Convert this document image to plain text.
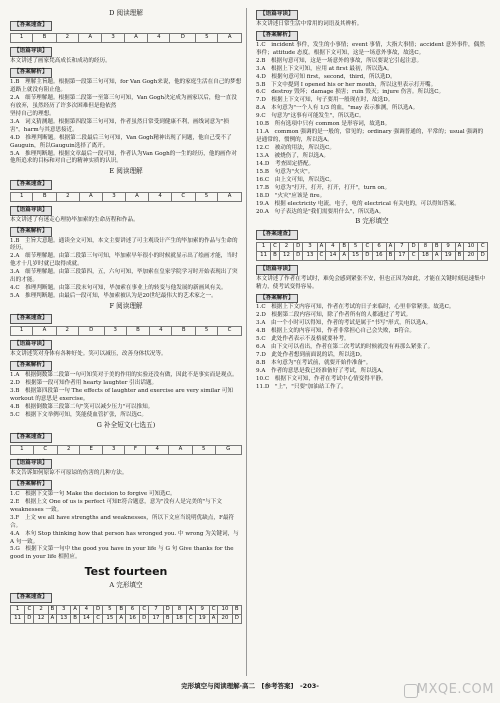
D 阅读理解
【答案速查】
1	B	2	A	3	A	4	D	5	A
【语篇导读】

本文讲述了画家梵高成长和成功的经历。

【答案解析】

1.B　理解主旨题。根据第一段第三句可知，for Van Gogh来说，他的家庭生活在自己的梦想道路上就没有阻止他。

2.A　细节理解题。根据第二段第一至第三句可知，Van Gogh决定成为画家以后，他一直没有放弃，虽然经历了许多次困难但是他依然

坚持自己的理想。

3.A　词义猜测题。根据第四段第三句可知，作者虽然日常受到健康不利，画线词意为"损害"，harm与其意思接近。

4.D　推理判断题。根据第二段最后三句可知，Van Gogh精神出现了问题，他自己受不了Gauguin，所以Gauguin选择了离开。

5.A　推理判断题。根据文章最后一段可知，作者认为Van Gogh的一生的经历，他的画作对他所追求的目标和对自己的精神实质的认识。

E 阅读理解
【答案速查】
1	B	2	A	3	A	4	C	5	A
【语篇导读】

本文讲述了有迷走心理协毕加索的生命历程和作品。

【答案解析】

1.B　主旨大意题。通读全文可知，本文主要讲述了可主观设计产生的毕加索的作品与生命的经历。

2.A　细节理解题。由第二段第三句可知，毕加索早年很小的时候就显示出了绘画才能，当时他才十几岁时就已取得成就。

3.A　细节理解题。由第三段第四，五，六句可知，毕加索在皇家学院学习时开始表现出了突出的才能。

4.C　推理判断题。由第三段末句可知，毕加索在事业上的转变与他发展的新画风有关。

5.A　推理判断题。由最后一段可知，毕加索被认为是20世纪最伟大的艺术家之一。

F 阅读理解
【答案速查】
1	A	2	D	3	B	4	B	5	C
【语篇导读】

本文讲述笑对身体有各种好处。笑可以减压，改善身体状况等。

【答案解析】

1.A　根据倒数第二段第一句可知笑对于美的作用的实验还没有做，因此不是事实而是观点。

2.D　根据第一段可知作者用 hearty laughter 引出话题。

3.B　根据第四段第一句 The effects of laughter and exercise are very similar 可知 workout 的意思是 exercise。

4.B　根据倒数第三段第二句"笑可以减少压力"可以推知。

5.C　根据下文举例可知，笑能使血管扩张，所以选C。

G 补全短文(七选五)
【答案速查】
1	C	2	E	3	F	4	A	5	G
【语篇导读】

本文告诉如何原谅不可原谅的伤害的几种方法。

【答案解析】

1.C　根据下文第一句 Make the decision to forgive 可知选C。

2.E　根据上文 One of us is perfect 可知E符合题意，意为"没有人是完美的"与下文 weaknesses 一致。

3.F　上文 we all have strengths and weaknesses，所以下文应当说明优缺点，F最符合。

4.A　本句 Stop thinking how that person has wronged you. 中 wrong 为关键词，与 A 句一致。

5.G　根据下文第一句中 the good you have in your life 与 G 句 Give thanks for the good in your life 相照应。

Test fourteen
A 完形填空
【答案速查】
1	C	2	B	3	A	4	D	5	B	6	C	7	D	8	A	9	C	10	B
11	D	12	A	13	B	14	C	15	A	16	D	17	B	18	C	19	A	20	D
【语篇导读】

本文讲述日常生活中常用的词语及其辨析。

【答案解析】

1.C　incident 事件，发生的小事情；event 事情，大指大事情；accident 意外事件，偶然事件；attitude 态度。根据下文可知，这是一场意外事故，故选C。

2.B　根据句意可知，这是一场意外的事故，所以要说它引起注意。

3.A　根据上下文可知，应用 at first 最初，所以选A。

4.D　根据句意可知 first，second，third，所以选D。

5.B　下文中提到 I opened his or her mouth，所以这里表示打开嘴。

6.C　destroy 毁坏；damage 损害；ruin 毁灭；injure 伤害。所以选C。

7.D　根据上下文可知，句子要用一般现在时，故选D。

8.A　本句意为"一个人有 1/3 的血，"may 表示推测，所以选A。

9.C　句意为"这事有可能发生"，所以选C。

10.B　所有选项中只有 common 是形容词，故选B。

11.A　common 强调的是一般的，常见的；ordinary 强调普通的，平常的；usual 强调的是通常的，惯例的，所以选A。

12.C　被动的用法，所以选C。

13.A　被烧伤了，所以选A。

14.D　考查固定搭配。

15.B　句意为"火灾"。

16.C　由上文可知，所以选C。

17.B　句意为"打开，打开，打开，打开"，turn on。

18.D　"火灾"应该是 fire。

19.A　根据 electricity 电流，电子，电的 electrical 有关电的，可以得知答案。

20.A　句子表达的是"我们需要用什么"，所以选A。

B 完形填空
【答案速查】
1	C	2	D	3	A	4	B	5	C	6	A	7	D	8	B	9	A	10	C
11	B	12	D	13	C	14	A	15	D	16	B	17	C	18	A	19	B	20	D
【语篇导读】

本文讲述了作者在考试时，难免会感到紧张不安，但也正因为如此，才能在关键时刻迅速集中精力，使考试变得容易。

【答案解析】

1.C　根据上下文内容可知，作者在考试的日子来临时，心里非常紧张。故选C。

2.D　根据第二段内容可知，除了作者所有的人都通过了考试。

3.A　由一个小时可以得知，作者的考试是属于"书写"形式，所以选A。

4.B　根据上文的内容可知，作者非常担心自己会失败，B符合。

5.C　此处作者表示不及格就要补考。

6.A　由下文可以看出，作者在第二次考试的时候就没有再那么紧张了。

7.D　此处作者想到前面说的话，所以选D。

8.B　本句意为"在考试前，就要开始作准备"。

9.A　作者的意思是我已经准备好了考试，所以选A。

10.C　根据下文可知，作者在考试中心情变得平静。

11.D　"上"，"只要"加油站工作了。

完形填空与阅读理解·高二　[参考答案]　-203-	MXQE.COM
